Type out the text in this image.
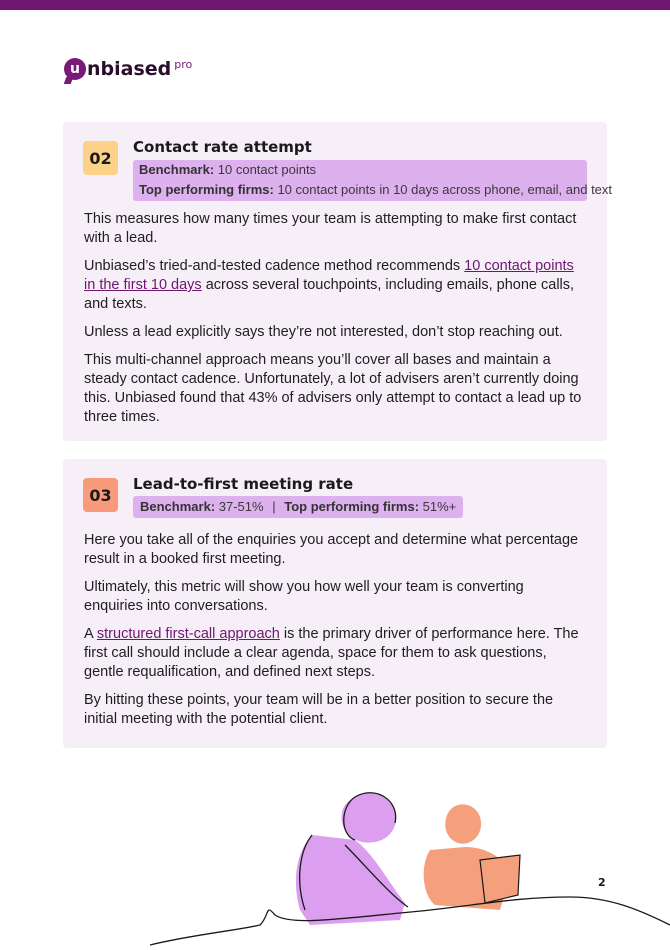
u nbiased pro
02
Contact rate attempt
Benchmark: 10 contact points
Top performing firms: 10 contact points in 10 days across phone, email, and text

This measures how many times your team is attempting to make first contact with a lead.

Unbiased’s tried-and-tested cadence method recommends 10 contact points in the first 10 days across several touchpoints, including emails, phone calls, and texts.

Unless a lead explicitly says they’re not interested, don’t stop reaching out.

This multi-channel approach means you’ll cover all bases and maintain a steady contact cadence. Unfortunately, a lot of advisers aren’t currently doing this. Unbiased found that 43% of advisers only attempt to contact a lead up to three times.

03
Lead-to-first meeting rate
Benchmark: 37-51% | Top performing firms: 51%+

Here you take all of the enquiries you accept and determine what percentage result in a booked first meeting.

Ultimately, this metric will show you how well your team is converting enquiries into conversations.

A structured first-call approach is the primary driver of performance here. The first call should include a clear agenda, space for them to ask questions, gentle requalification, and defined next steps.

By hitting these points, your team will be in a better position to secure the initial meeting with the potential client.

2
